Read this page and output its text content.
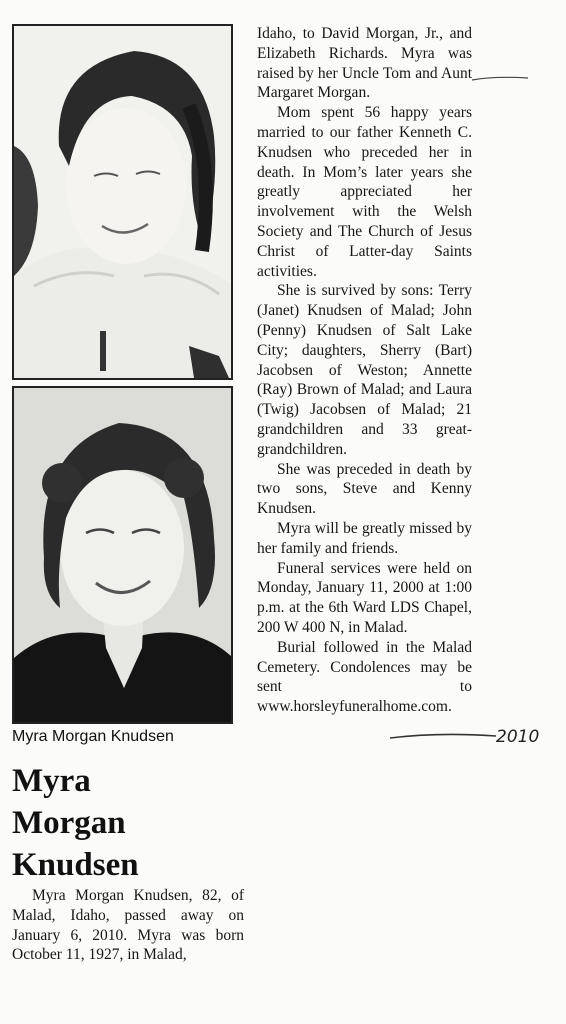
Myra Morgan Knudsen
Myra
Morgan
Knudsen

Myra Morgan Knudsen, 82, of Malad, Idaho, passed away on January 6, 2010. Myra was born October 11, 1927, in Malad,

Idaho, to David Morgan, Jr., and Elizabeth Richards. Myra was raised by her Uncle Tom and Aunt Margaret Morgan.

Mom spent 56 happy years married to our father Kenneth C. Knudsen who preceded her in death. In Mom’s later years she greatly appreciated her involvement with the Welsh Society and The Church of Jesus Christ of Latter-day Saints activities.

She is survived by sons: Terry (Janet) Knudsen of Malad; John (Penny) Knudsen of Salt Lake City; daughters, Sherry (Bart) Jacobsen of Weston; Annette (Ray) Brown of Malad; and Laura (Twig) Jacobsen of Malad; 21 grandchildren and 33 great- grandchildren.

She was preceded in death by two sons, Steve and Kenny Knudsen.

Myra will be greatly missed by her family and friends.

Funeral services were held on Monday, January 11, 2000 at 1:00 p.m. at the 6th Ward LDS Chapel, 200 W 400 N, in Malad.

Burial followed in the Malad Cemetery. Condolences may be sent to www.horsleyfuneralhome.com.

2010
